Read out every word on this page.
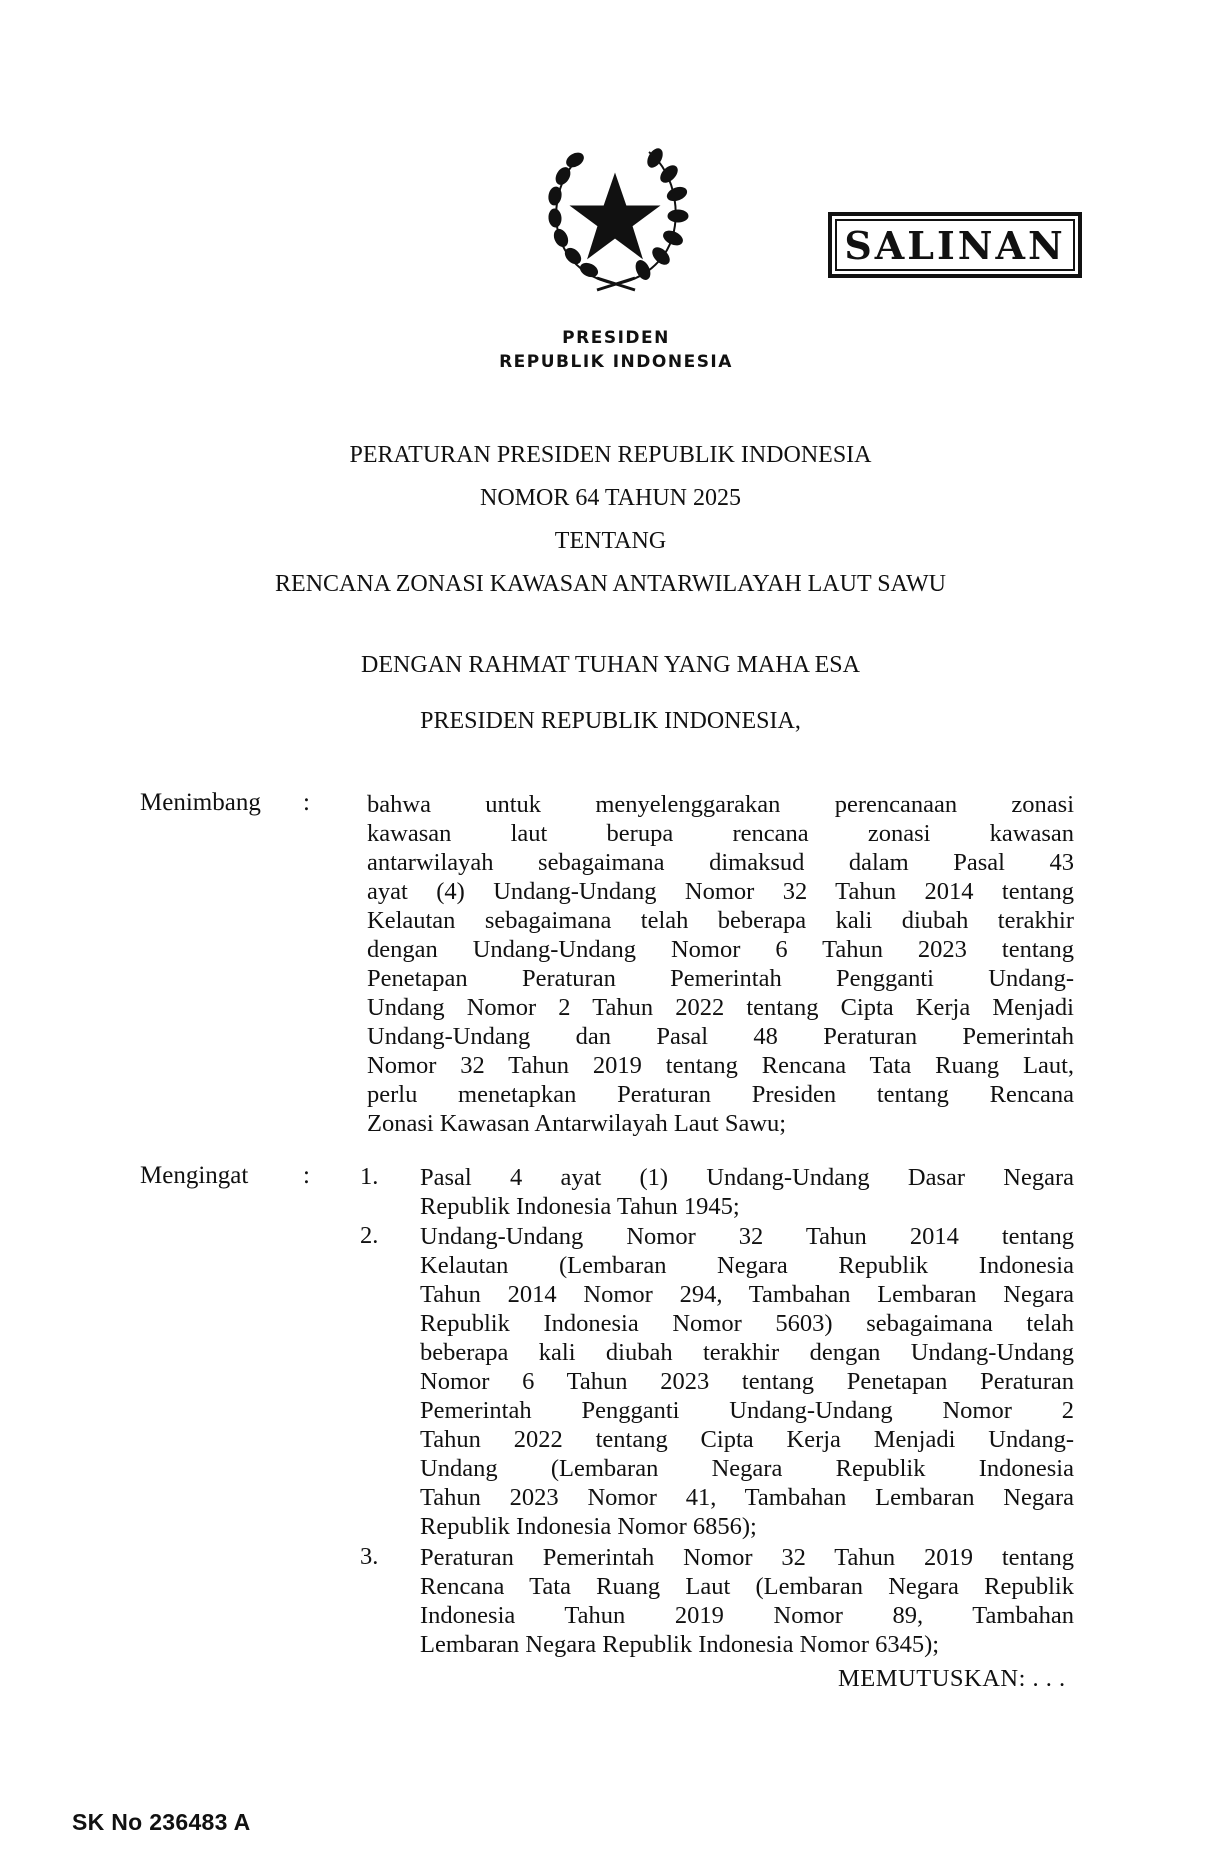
SALINAN
PRESIDEN
REPUBLIK INDONESIA
PERATURAN PRESIDEN REPUBLIK INDONESIA
NOMOR 64 TAHUN 2025
TENTANG
RENCANA ZONASI KAWASAN ANTARWILAYAH LAUT SAWU
DENGAN RAHMAT TUHAN YANG MAHA ESA
PRESIDEN REPUBLIK INDONESIA,
Menimbang : bahwa untuk menyelenggarakan perencanaan zonasi
kawasan laut berupa rencana zonasi kawasan
antarwilayah sebagaimana dimaksud dalam Pasal 43
ayat (4) Undang-Undang Nomor 32 Tahun 2014 tentang
Kelautan sebagaimana telah beberapa kali diubah terakhir
dengan Undang-Undang Nomor 6 Tahun 2023 tentang
Penetapan Peraturan Pemerintah Pengganti Undang-
Undang Nomor 2 Tahun 2022 tentang Cipta Kerja Menjadi
Undang-Undang dan Pasal 48 Peraturan Pemerintah
Nomor 32 Tahun 2019 tentang Rencana Tata Ruang Laut,
perlu menetapkan Peraturan Presiden tentang Rencana
Zonasi Kawasan Antarwilayah Laut Sawu;
Mengingat : 1. Pasal 4 ayat (1) Undang-Undang Dasar Negara
Republik Indonesia Tahun 1945;
2. Undang-Undang Nomor 32 Tahun 2014 tentang
Kelautan (Lembaran Negara Republik Indonesia
Tahun 2014 Nomor 294, Tambahan Lembaran Negara
Republik Indonesia Nomor 5603) sebagaimana telah
beberapa kali diubah terakhir dengan Undang-Undang
Nomor 6 Tahun 2023 tentang Penetapan Peraturan
Pemerintah Pengganti Undang-Undang Nomor 2
Tahun 2022 tentang Cipta Kerja Menjadi Undang-
Undang (Lembaran Negara Republik Indonesia
Tahun 2023 Nomor 41, Tambahan Lembaran Negara
Republik Indonesia Nomor 6856);
3. Peraturan Pemerintah Nomor 32 Tahun 2019 tentang
Rencana Tata Ruang Laut (Lembaran Negara Republik
Indonesia Tahun 2019 Nomor 89, Tambahan
Lembaran Negara Republik Indonesia Nomor 6345);
MEMUTUSKAN: . . .
SK No 236483 A
